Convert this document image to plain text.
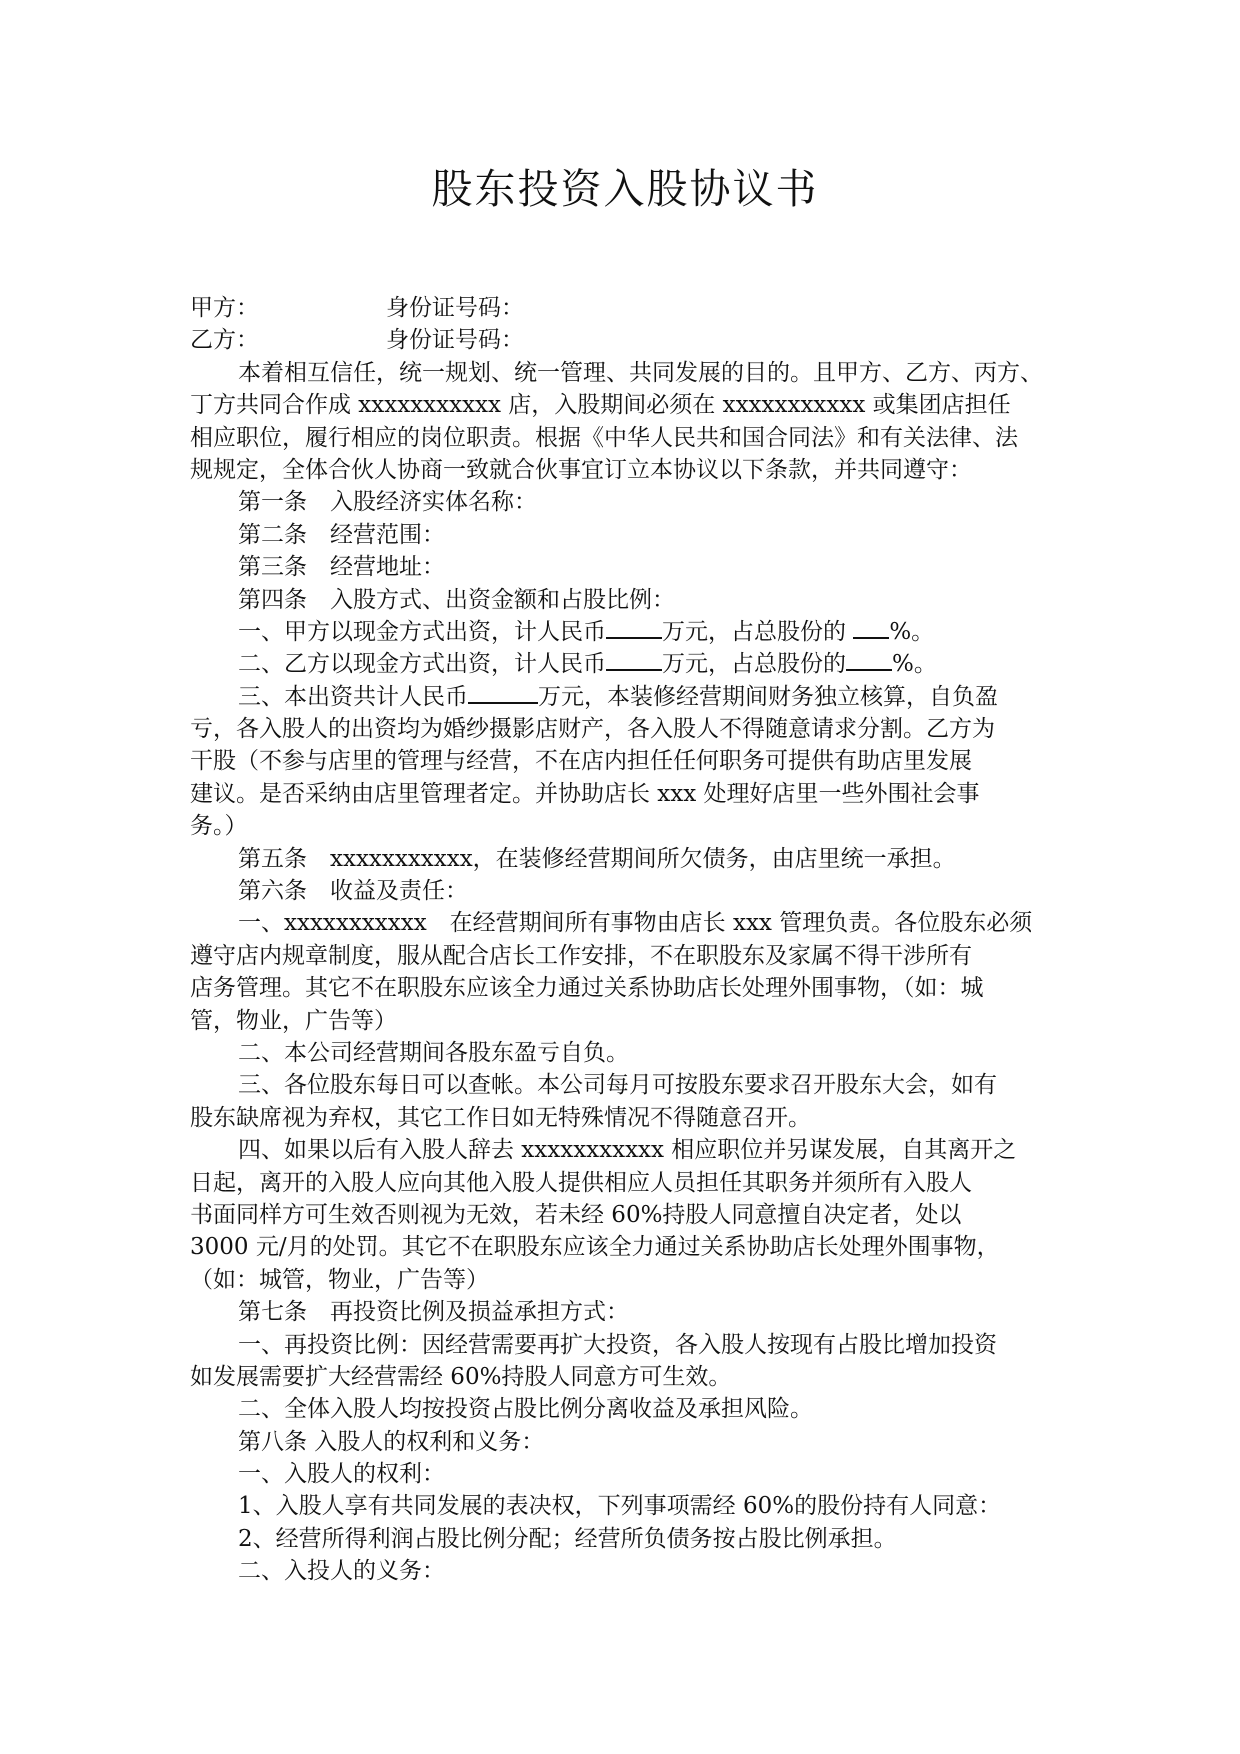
股东投资入股协议书
甲方：	身份证号码：
乙方：	身份证号码：
本着相互信任，统一规划、统一管理、共同发展的目的。且甲方、乙方、丙方、
丁方共同合作成 xxxxxxxxxxx 店，入股期间必须在 xxxxxxxxxxx 或集团店担任
相应职位，履行相应的岗位职责。根据《中华人民共和国合同法》和有关法律、法
规规定，全体合伙人协商一致就合伙事宜订立本协议以下条款，并共同遵守：
第一条　入股经济实体名称：
第二条　经营范围：
第三条　经营地址：
第四条　入股方式、出资金额和占股比例：
一、甲方以现金方式出资，计人民币 万元，占总股份的 %。
二、乙方以现金方式出资，计人民币 万元，占总股份的 %。
三、本出资共计人民币	万元，本装修经营期间财务独立核算，自负盈
亏，各入股人的出资均为婚纱摄影店财产，各入股人不得随意请求分割。乙方为
干股（不参与店里的管理与经营，不在店内担任任何职务可提供有助店里发展
建议。是否采纳由店里管理者定。并协助店长 xxx 处理好店里一些外围社会事
务。）
第五条　xxxxxxxxxxx，在装修经营期间所欠债务，由店里统一承担。
第六条　收益及责任：
一、xxxxxxxxxxx　在经营期间所有事物由店长 xxx 管理负责。各位股东必须
遵守店内规章制度，服从配合店长工作安排，不在职股东及家属不得干涉所有
店务管理。其它不在职股东应该全力通过关系协助店长处理外围事物，（如：城
管，物业，广告等）
二、本公司经营期间各股东盈亏自负。
三、各位股东每日可以查帐。本公司每月可按股东要求召开股东大会，如有
股东缺席视为弃权，其它工作日如无特殊情况不得随意召开。
四、如果以后有入股人辞去 xxxxxxxxxxx 相应职位并另谋发展，自其离开之
日起，离开的入股人应向其他入股人提供相应人员担任其职务并须所有入股人
书面同样方可生效否则视为无效，若未经 60%持股人同意擅自决定者，处以
3000 元/月的处罚。其它不在职股东应该全力通过关系协助店长处理外围事物，
（如：城管，物业，广告等）
第七条　再投资比例及损益承担方式：
一、再投资比例：因经营需要再扩大投资，各入股人按现有占股比增加投资
如发展需要扩大经营需经 60%持股人同意方可生效。
二、全体入股人均按投资占股比例分离收益及承担风险。
第八条 入股人的权利和义务：
一、入股人的权利：
1、入股人享有共同发展的表决权，下列事项需经 60%的股份持有人同意：
2、经营所得利润占股比例分配；经营所负债务按占股比例承担。
二、入投人的义务：
